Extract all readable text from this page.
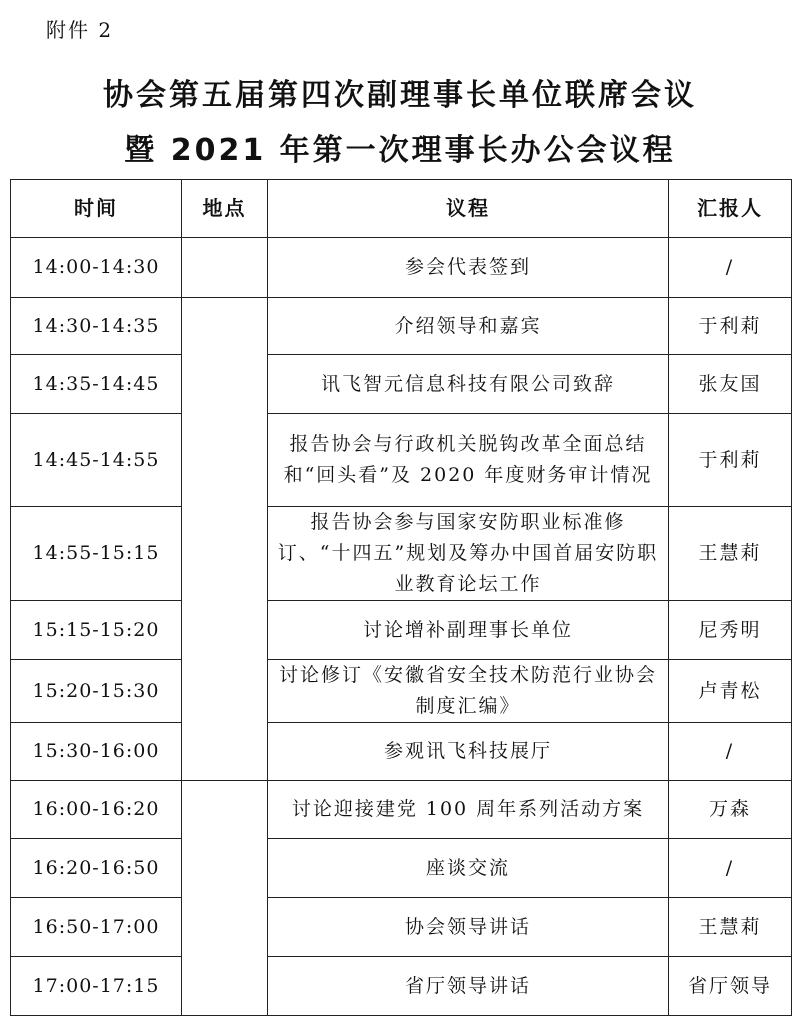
附件 2
协会第五届第四次副理事长单位联席会议
暨 2021 年第一次理事长办公会议程
时间	地点	议程	汇报人
14:00-14:30		参会代表签到	/
14:30-14:35		介绍领导和嘉宾	于利莉
14:35-14:45		讯飞智元信息科技有限公司致辞	张友国
14:45-14:55		报告协会与行政机关脱钩改革全面总结和“回头看”及 2020 年度财务审计情况	于利莉
14:55-15:15		报告协会参与国家安防职业标准修订、“十四五”规划及筹办中国首届安防职业教育论坛工作	王慧莉
15:15-15:20		讨论增补副理事长单位	尼秀明
15:20-15:30		讨论修订《安徽省安全技术防范行业协会制度汇编》	卢青松
15:30-16:00		参观讯飞科技展厅	/
16:00-16:20		讨论迎接建党 100 周年系列活动方案	万森
16:20-16:50		座谈交流	/
16:50-17:00		协会领导讲话	王慧莉
17:00-17:15		省厅领导讲话	省厅领导
